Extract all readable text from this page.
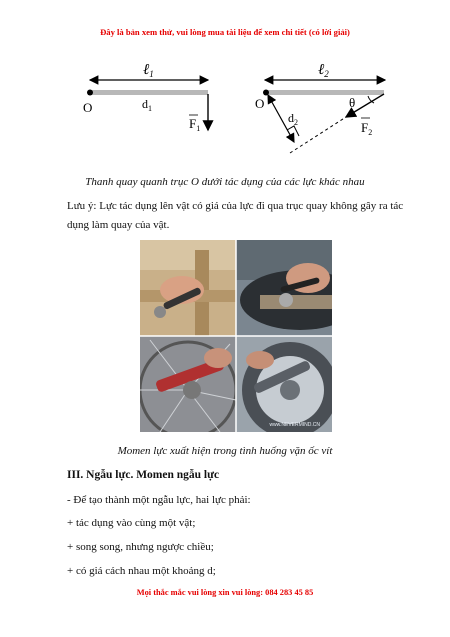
Đây là bản xem thử, vui lòng mua tài liệu để xem chi tiết (có lời giải)
ℓ$_1$
O	$d_1$
$F_1$
ℓ$_2$
O
$d_2$
θ
$F_2$
Thanh quay quanh trục O dưới tác dụng của các lực khác nhau
Lưu ý: Lực tác dụng lên vật có giá của lực đi qua trục quay không gây ra tác dụng làm quay của vật.
www.NEVERMIND.CN
Momen lực xuất hiện trong tình huống vặn ốc vít
III. Ngẫu lực. Momen ngẫu lực
- Để tạo thành một ngẫu lực, hai lực phải:
+ tác dụng vào cùng một vật;
+ song song, nhưng ngược chiều;
+ có giá cách nhau một khoảng d;
Mọi thắc mắc vui lòng xin vui lòng: 084 283 45 85
